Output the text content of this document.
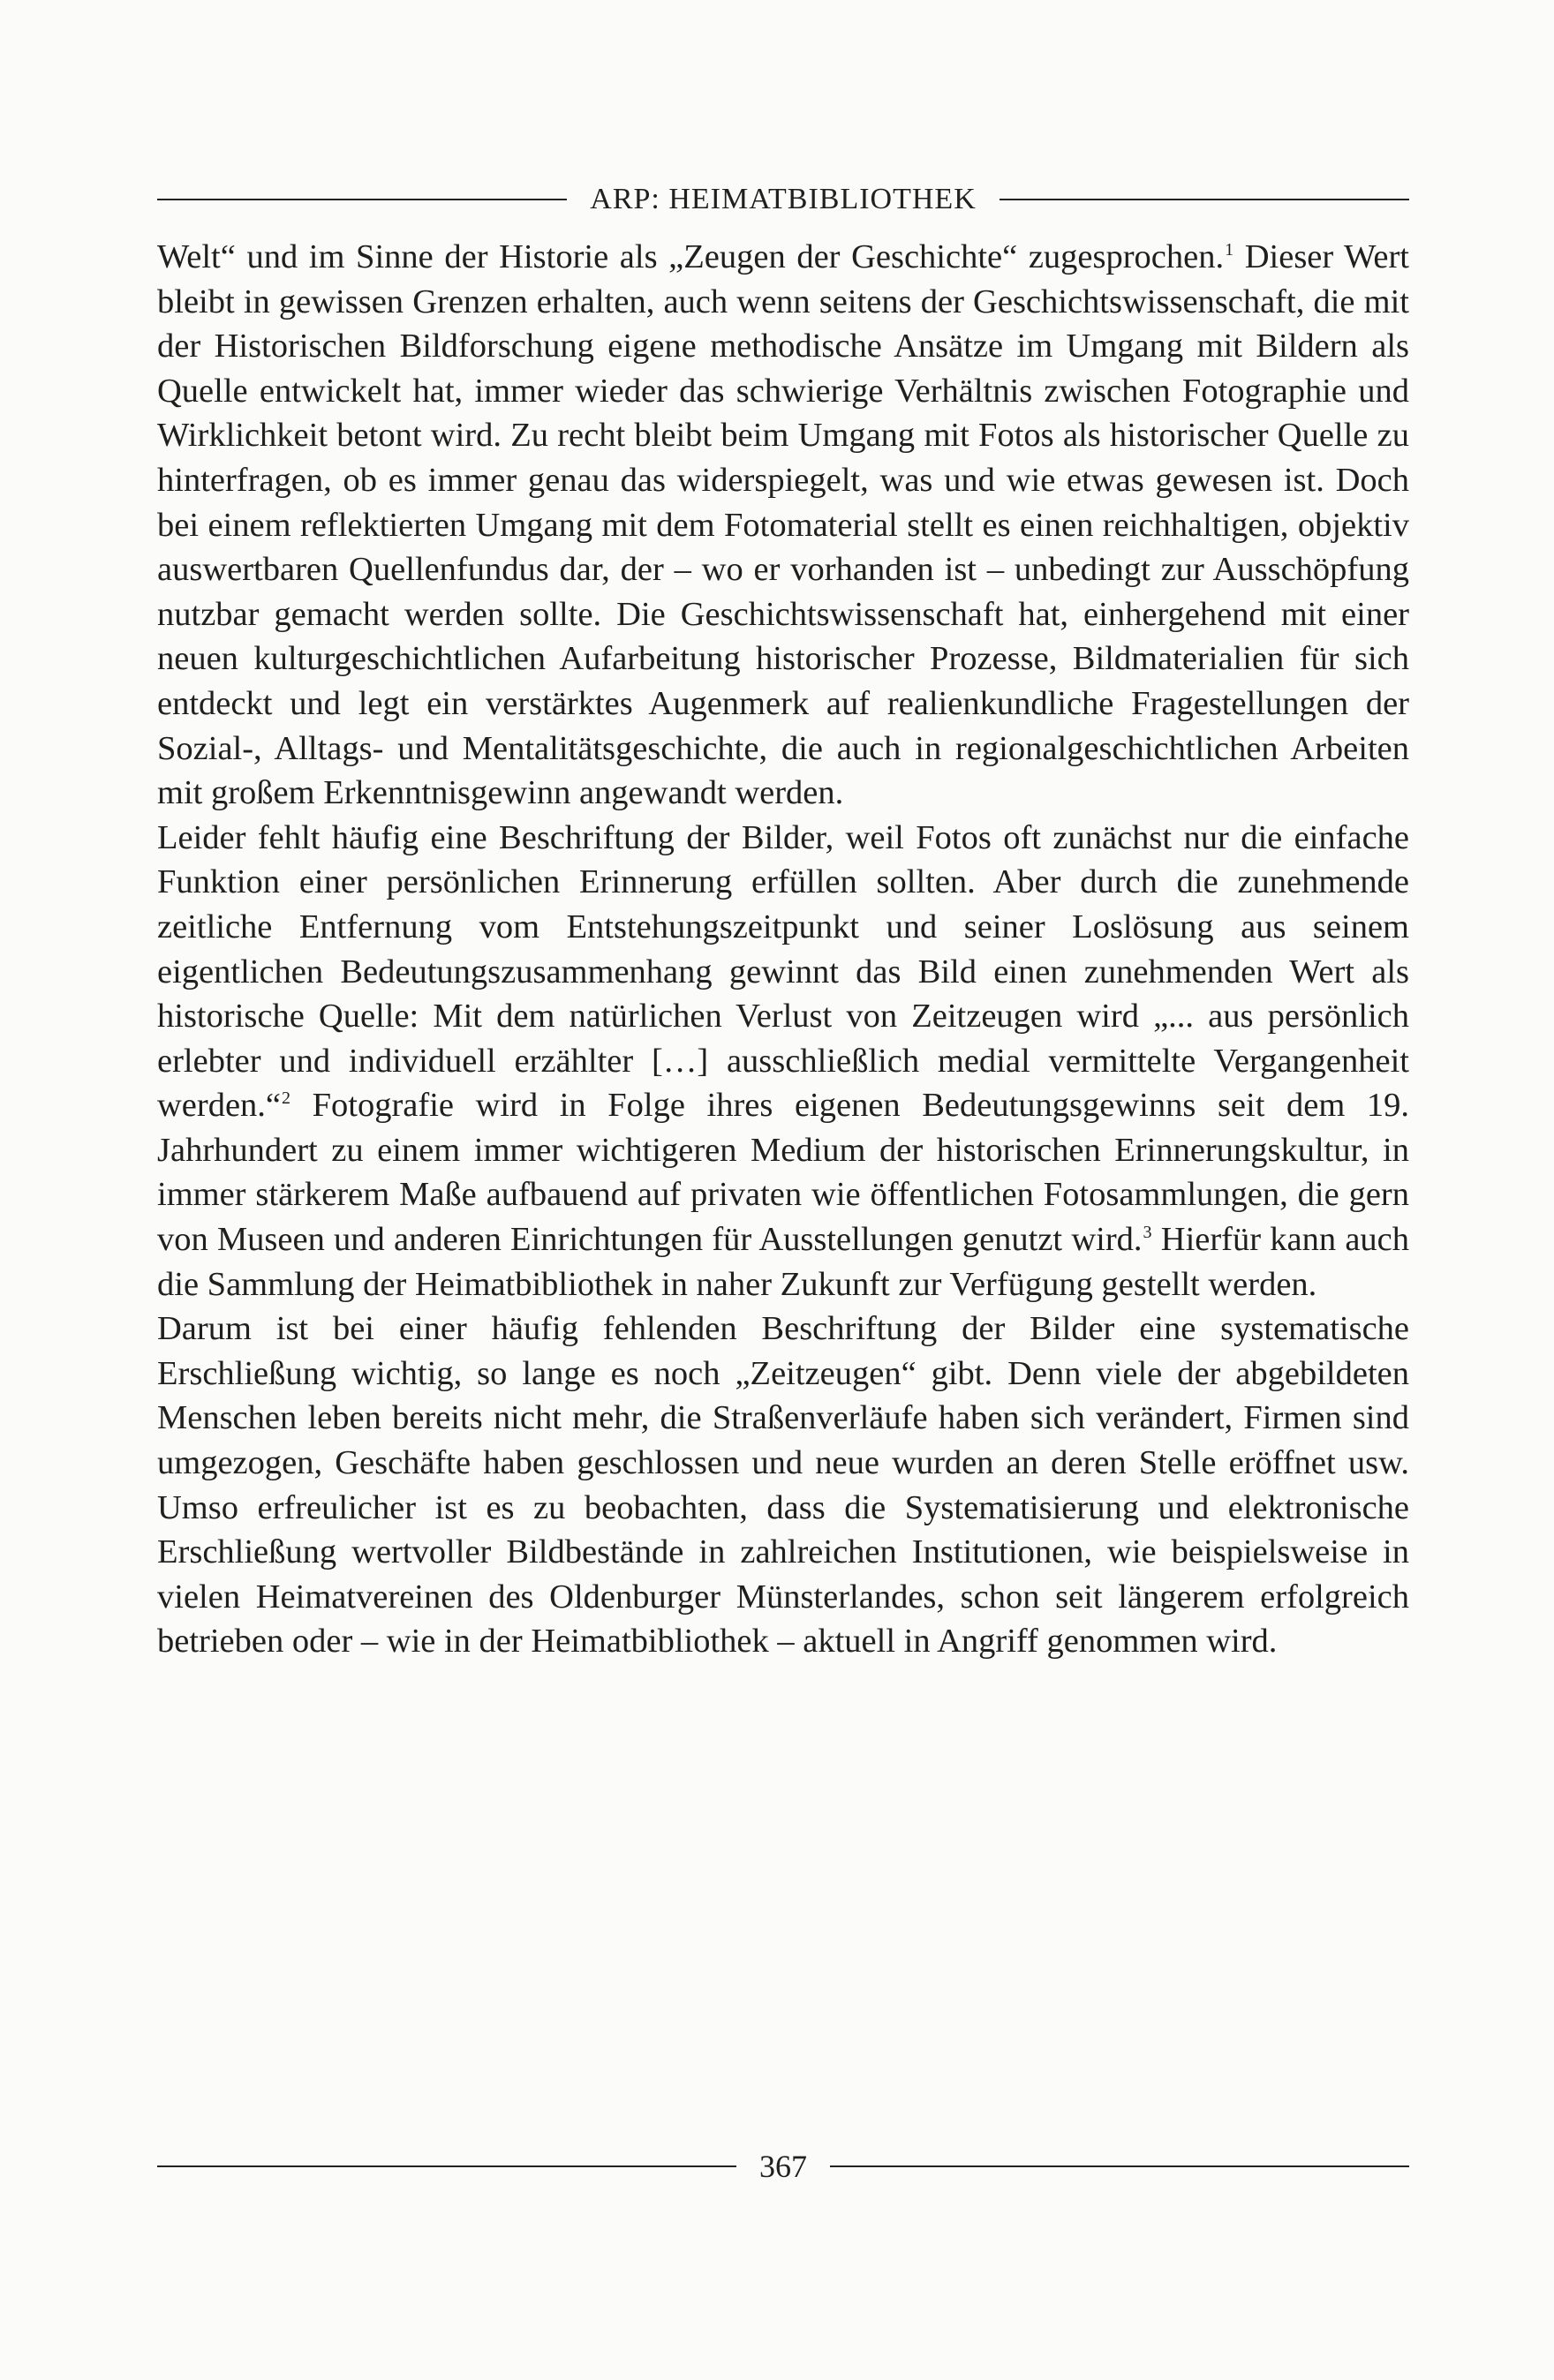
ARP: HEIMATBIBLIOTHEK

Welt“ und im Sinne der Historie als „Zeugen der Geschichte“ zugesprochen.$^1$ Dieser Wert bleibt in gewissen Grenzen erhalten, auch wenn seitens der Geschichtswissenschaft, die mit der Historischen Bildforschung eigene methodische Ansätze im Umgang mit Bildern als Quelle entwickelt hat, immer wieder das schwierige Verhältnis zwischen Fotographie und Wirklichkeit betont wird. Zu recht bleibt beim Umgang mit Fotos als historischer Quelle zu hinterfragen, ob es immer genau das widerspiegelt, was und wie etwas gewesen ist. Doch bei einem reflektierten Umgang mit dem Fotomaterial stellt es einen reichhaltigen, objektiv auswertbaren Quellenfundus dar, der – wo er vorhanden ist – unbedingt zur Ausschöpfung nutzbar gemacht werden sollte. Die Geschichtswissenschaft hat, einhergehend mit einer neuen kulturgeschichtlichen Aufarbeitung historischer Prozesse, Bildmaterialien für sich entdeckt und legt ein verstärktes Augenmerk auf realienkundliche Fragestellungen der Sozial-, Alltags- und Mentalitätsgeschichte, die auch in regionalgeschichtlichen Arbeiten mit großem Erkenntnisgewinn angewandt werden.

Leider fehlt häufig eine Beschriftung der Bilder, weil Fotos oft zunächst nur die einfache Funktion einer persönlichen Erinnerung erfüllen sollten. Aber durch die zunehmende zeitliche Entfernung vom Entstehungszeitpunkt und seiner Loslösung aus seinem eigentlichen Bedeutungszusammenhang gewinnt das Bild einen zunehmenden Wert als historische Quelle: Mit dem natürlichen Verlust von Zeitzeugen wird „... aus persönlich erlebter und individuell erzählter […] ausschließlich medial vermittelte Vergangenheit werden.“$^2$ Fotografie wird in Folge ihres eigenen Bedeutungsgewinns seit dem 19. Jahrhundert zu einem immer wichtigeren Medium der historischen Erinnerungskultur, in immer stärkerem Maße aufbauend auf privaten wie öffentlichen Fotosammlungen, die gern von Museen und anderen Einrichtungen für Ausstellungen genutzt wird.$^3$ Hierfür kann auch die Sammlung der Heimatbibliothek in naher Zukunft zur Verfügung gestellt werden.

Darum ist bei einer häufig fehlenden Beschriftung der Bilder eine systematische Erschließung wichtig, so lange es noch „Zeitzeugen“ gibt. Denn viele der abgebildeten Menschen leben bereits nicht mehr, die Straßenverläufe haben sich verändert, Firmen sind umgezogen, Geschäfte haben geschlossen und neue wurden an deren Stelle eröffnet usw. Umso erfreulicher ist es zu beobachten, dass die Systematisierung und elektronische Erschließung wertvoller Bildbestände in zahlreichen Institutionen, wie beispielsweise in vielen Heimatvereinen des Oldenburger Münsterlandes, schon seit längerem erfolgreich betrieben oder – wie in der Heimatbibliothek – aktuell in Angriff genommen wird.

367
